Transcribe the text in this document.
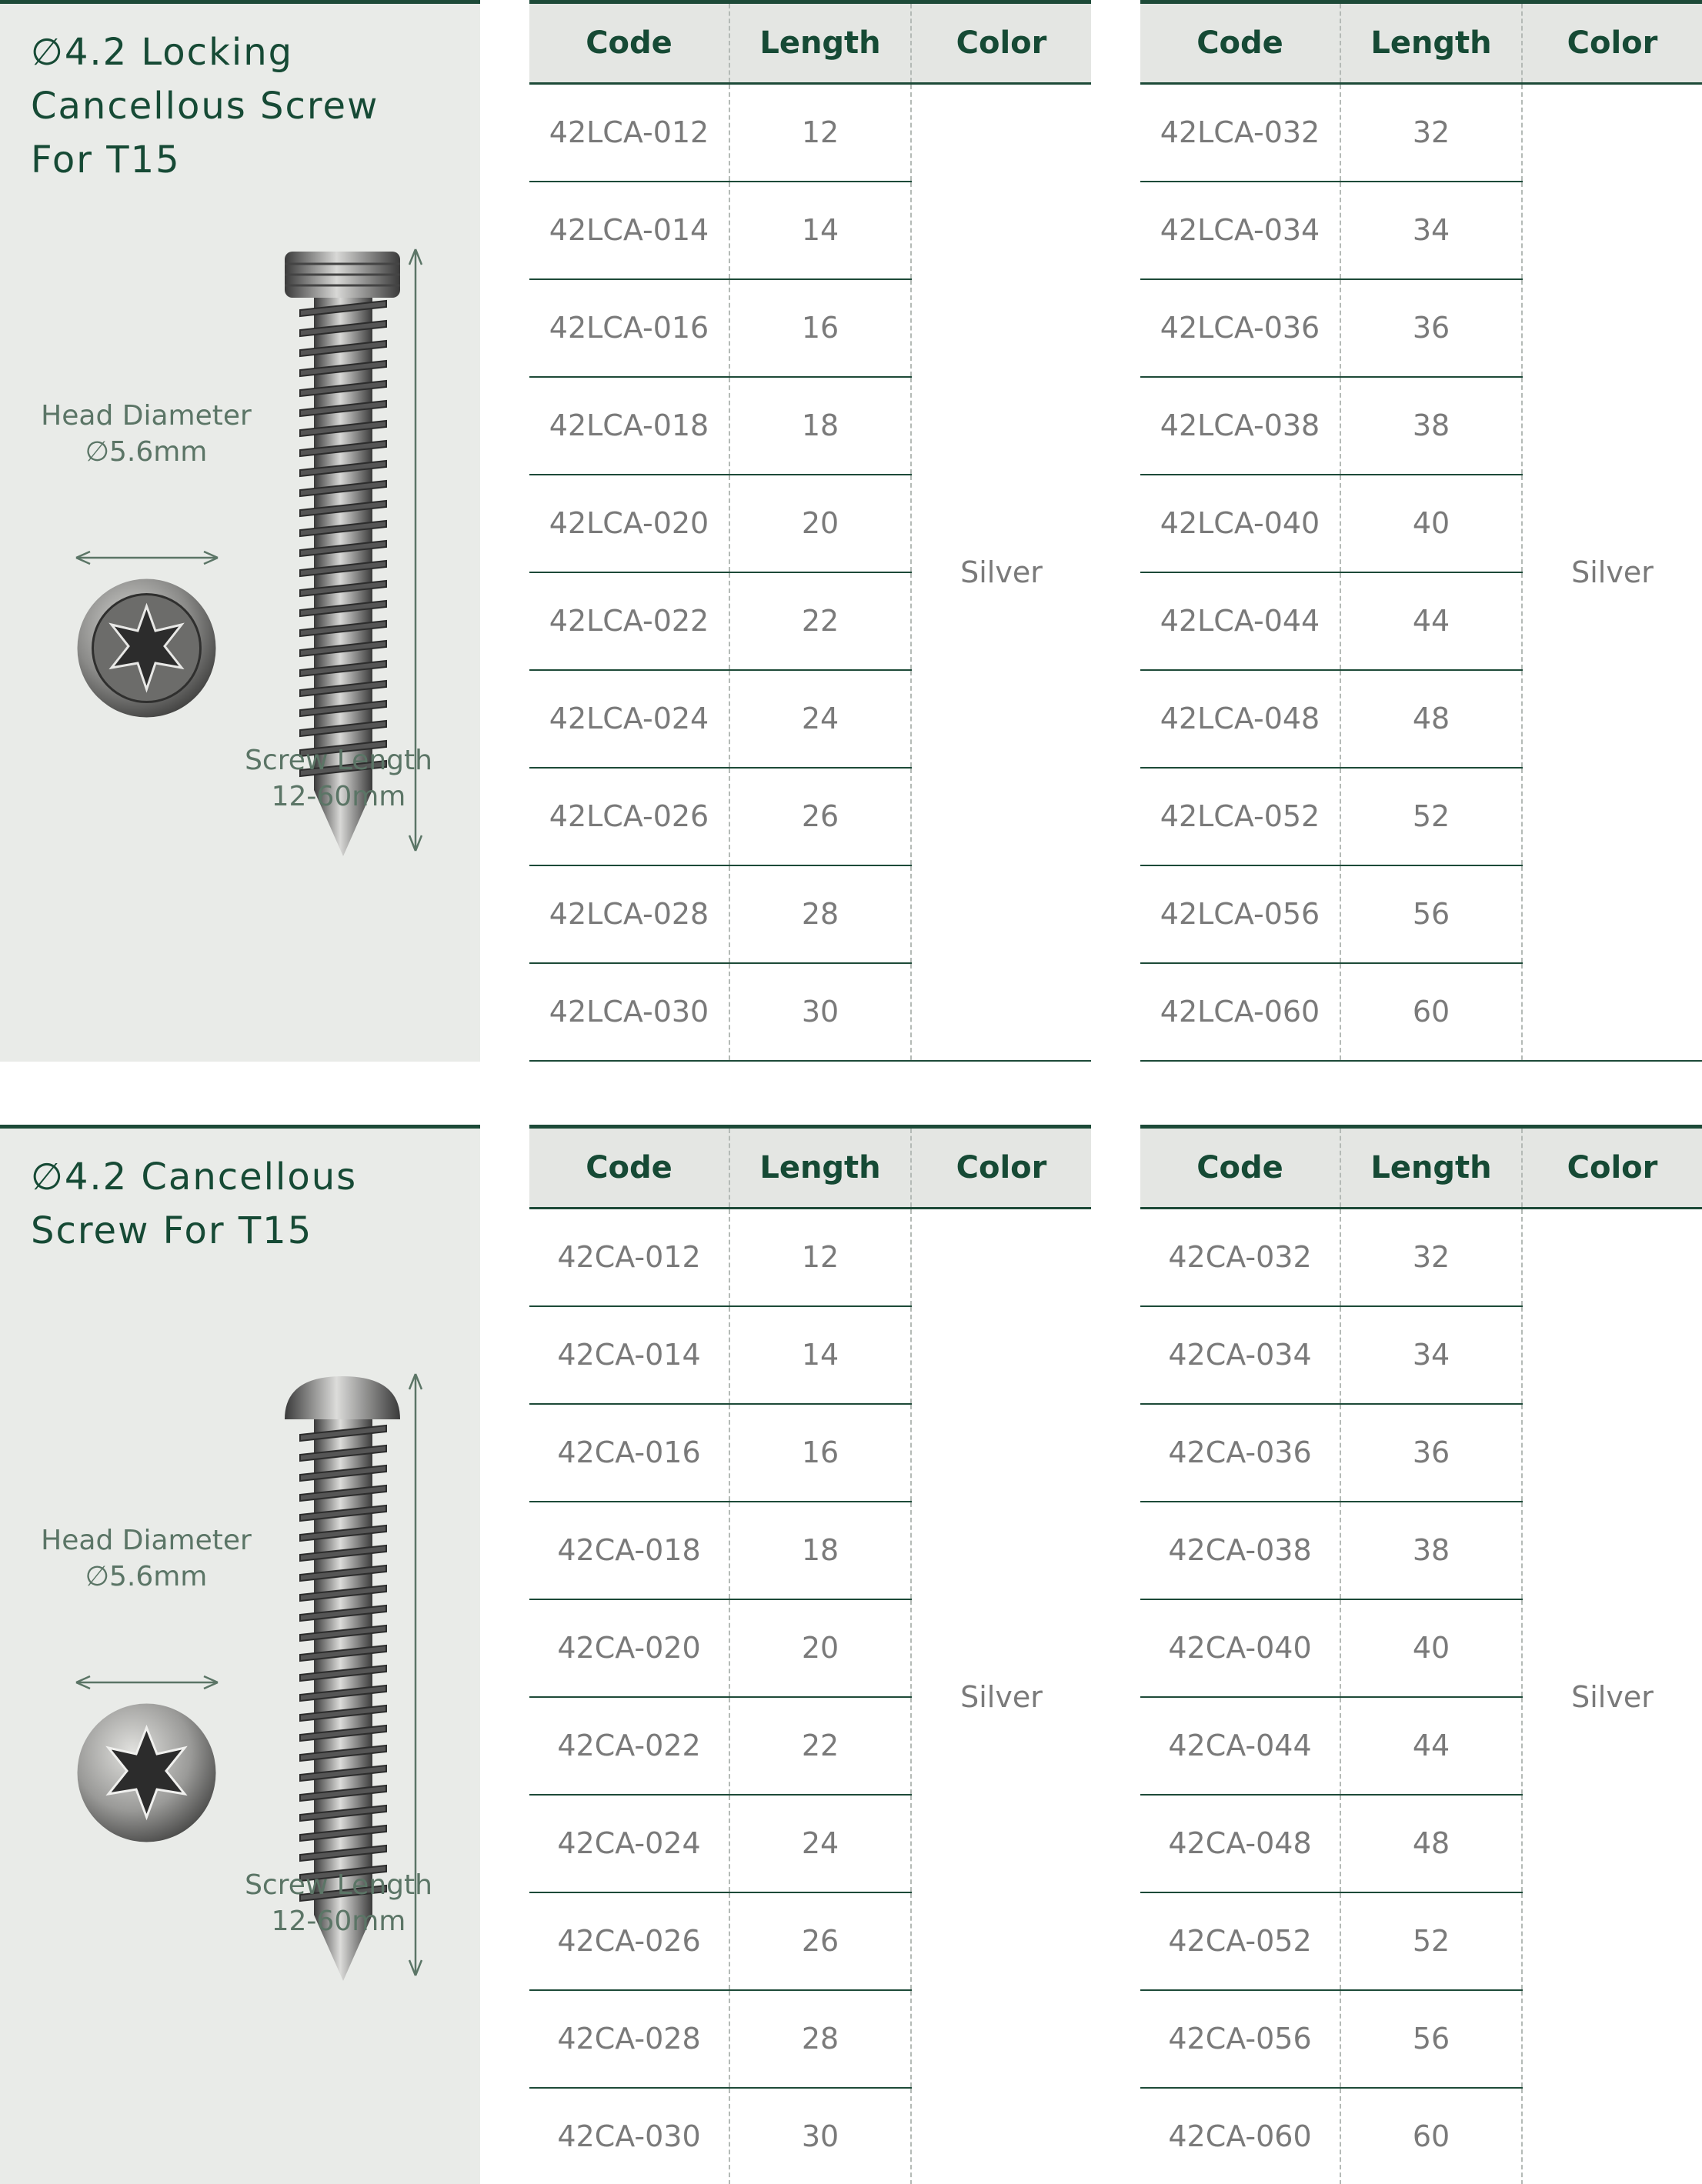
∅4.2 Locking
Cancellous Screw
For T15
Head Diameter
∅5.6mm
Screw Length
12-60mm
Code	Length	Color
42LCA-012	12	Silver
42LCA-014	14	
42LCA-016	16	
42LCA-018	18	
42LCA-020	20	
42LCA-022	22	
42LCA-024	24	
42LCA-026	26	
42LCA-028	28	
42LCA-030	30	
Code	Length	Color
42LCA-032	32	Silver
42LCA-034	34	
42LCA-036	36	
42LCA-038	38	
42LCA-040	40	
42LCA-044	44	
42LCA-048	48	
42LCA-052	52	
42LCA-056	56	
42LCA-060	60	
∅4.2 Cancellous
Screw For T15
Head Diameter
∅5.6mm
Screw Length
12-60mm
Code	Length	Color
42CA-012	12	Silver
42CA-014	14	
42CA-016	16	
42CA-018	18	
42CA-020	20	
42CA-022	22	
42CA-024	24	
42CA-026	26	
42CA-028	28	
42CA-030	30	
Code	Length	Color
42CA-032	32	Silver
42CA-034	34	
42CA-036	36	
42CA-038	38	
42CA-040	40	
42CA-044	44	
42CA-048	48	
42CA-052	52	
42CA-056	56	
42CA-060	60	
